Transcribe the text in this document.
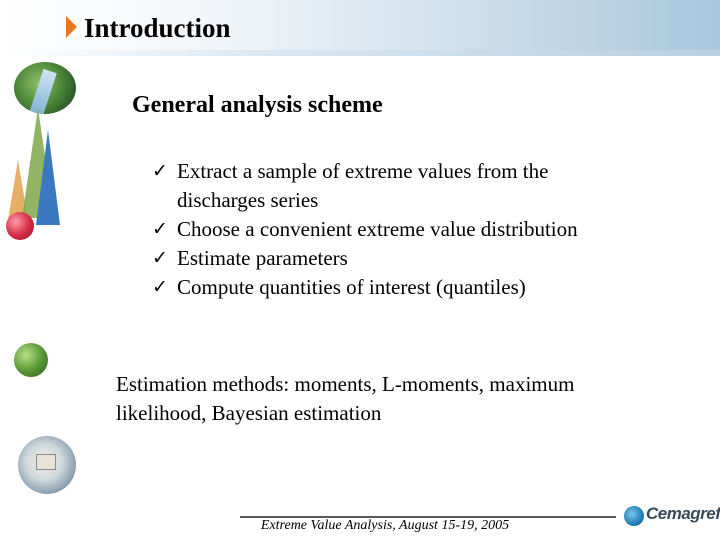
Introduction
General analysis scheme
✓ Extract a sample of extreme values from the
discharges series
✓ Choose a convenient extreme value distribution
✓ Estimate parameters
✓ Compute quantities of interest (quantiles)
Estimation methods: moments, L-moments, maximum
likelihood, Bayesian estimation
Extreme Value Analysis, August 15-19, 2005
Cemagref
